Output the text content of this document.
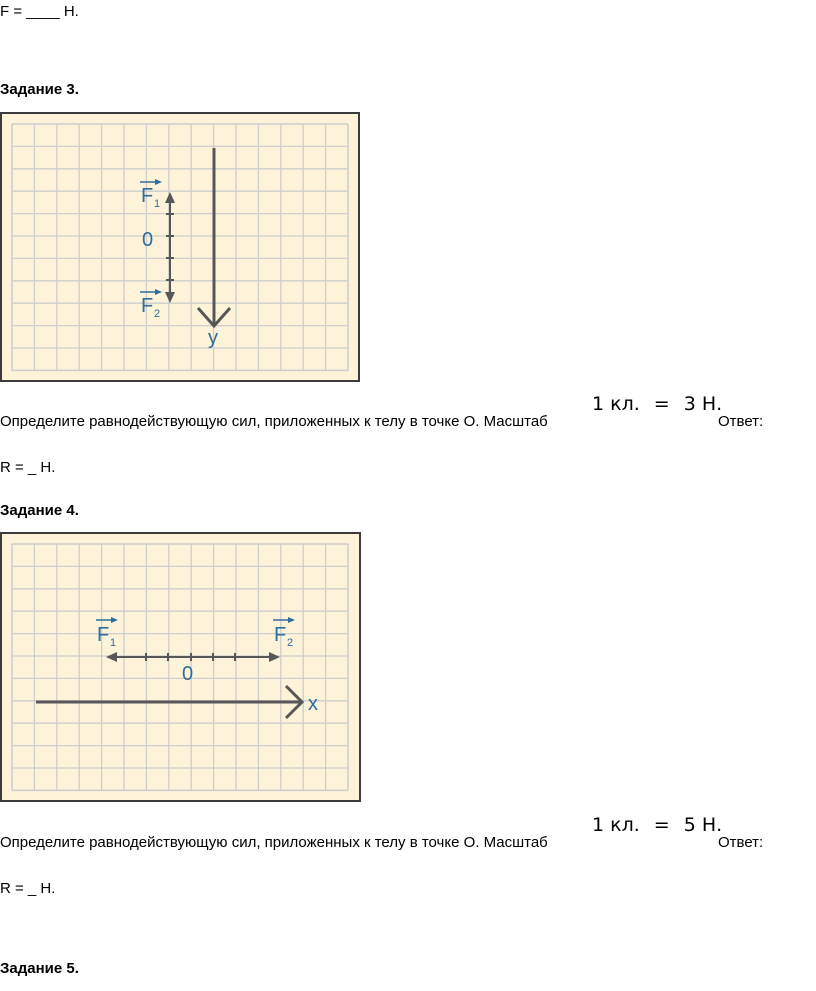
F = ____ Н.
Задание 3.
y
F 1
0
F 2
1 кл. = 3 Н.
Определите равнодействующую сил, приложенных к телу в точке О. Масштаб	Ответ:
R = _ Н.
Задание 4.
x
F 1	F 2
0
1 кл. = 5 Н.
Определите равнодействующую сил, приложенных к телу в точке О. Масштаб	Ответ:
R = _ Н.
Задание 5.
